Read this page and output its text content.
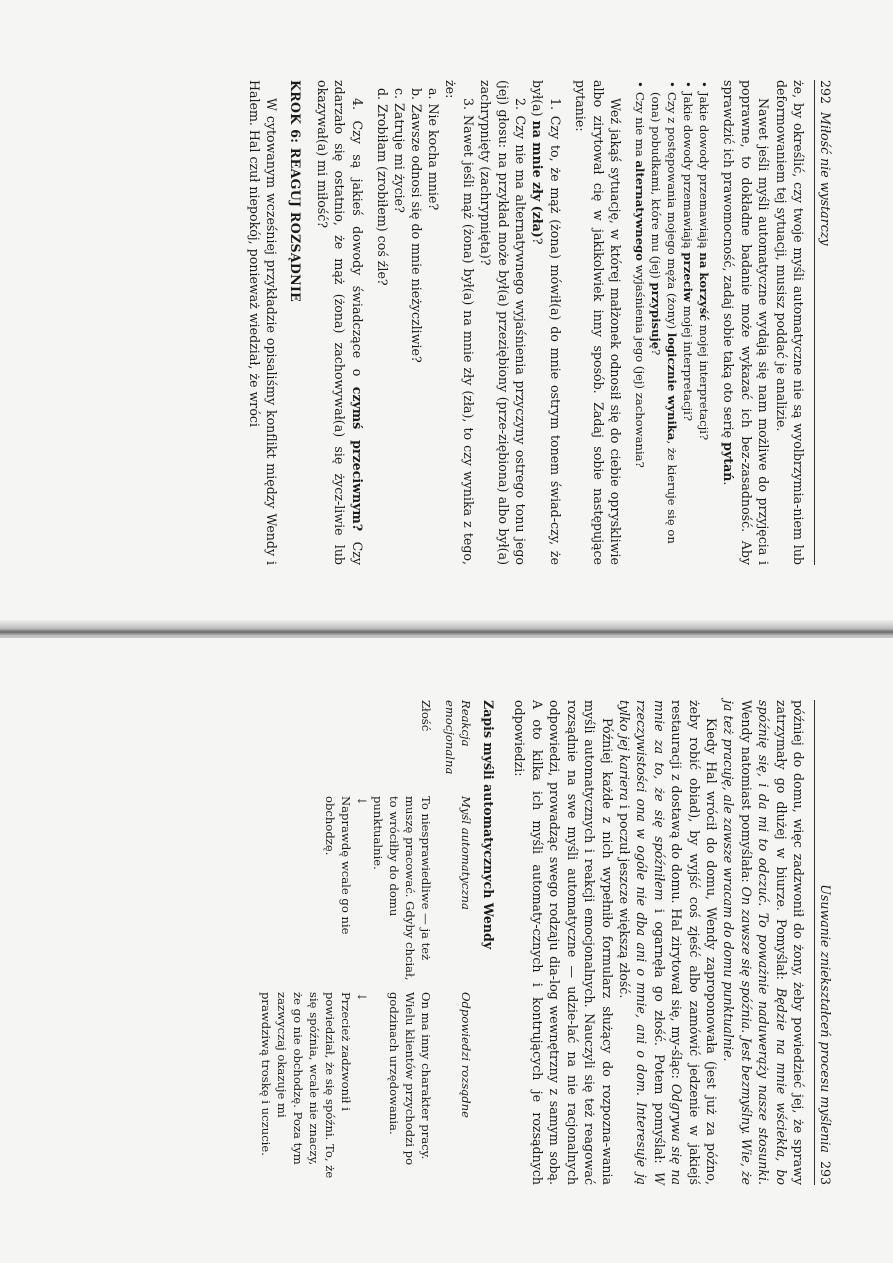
292
Miłość nie wystarczy

że, by określić, czy twoje myśli automatyczne nie są wyolbrzymia-niem lub deformowaniem tej sytuacji, musisz poddać je analizie.

Nawet jeśli myśli automatyczne wydają się nam możliwe do przyjęcia i poprawne, to dokładne badanie może wykazać ich bez-zasadność. Aby sprawdzić ich prawomocność, zadaj sobie taką oto serię pytań.

• Jakie dowody przemawiają na korzyść mojej interpretacji?
• Jakie dowody przemawiają przeciw mojej interpretacji?
• Czy z postępowania mojego męża (żony) logicznie wynika, że kieruje się on (ona) pobudkami, które mu (jej) przypisuję?
• Czy nie ma alternatywnego wyjaśnienia jego (jej) zachowania?

Weź jakąś sytuację, w której małżonek odnosił się do ciebie opryskliwie albo zirytował cię w jakikolwiek inny sposób. Zadaj sobie następujące pytanie:

1. Czy to, że mąż (żona) mówił(a) do mnie ostrym tonem świad-czy, że był(a) na mnie zły (zła)?

2. Czy nie ma alternatywnego wyjaśnienia przyczyny ostrego tonu jego (jej) głosu: na przykład może był(a) przeziębiony (prze-ziębiona) albo był(a) zachrypnięty (zachrypnięta)?

3. Nawet jeśli mąż (żona) był(a) na mnie zły (zła), to czy wynika z tego, że:

a. Nie kocha mnie?
b. Zawsze odnosi się do mnie nieżyczliwie?
c. Zatruje mi życie?
d. Zrobiłam (zrobiłem) coś źle?

4. Czy są jakieś dowody świadczące o czymś przeciwnym? Czy zdarzało się ostatnio, że mąż (żona) zachowywał(a) się życz-liwie lub okazywał(a) mi miłość?

KROK 6: REAGUJ ROZSĄDNIE

W cytowanym wcześniej przykładzie opisaliśmy konflikt między Wendy i Halem. Hal czuł niepokój, ponieważ wiedział, że wróci

293
Usuwanie zniekształceń procesu myślenia

później do domu, więc zadzwonił do żony, żeby powiedzieć jej, że sprawy zatrzymały go dłużej w biurze. Pomyślał: Będzie na mnie wściekła, bo spóźnię się, i da mi to odczuć. To poważnie naduwerąży nasze stosunki. Wendy natomiast pomyślała: On zawsze się spóźnia. Jest bezmyślny. Wie, że ja też pracuję, ale zawsze wracam do domu punktualnie.

Kiedy Hal wrócił do domu, Wendy zaproponowała (jest już za późno, żeby robić obiad), by wyjść coś zjeść albo zamówić jedzenie w jakiejś restauracji z dostawą do domu. Hal zirytował się, my-śląc: Odgrywa się na mnie za to, że się spóźniłem i ogarnęła go złość. Potem pomyślał: W rzeczywistości ona w ogóle nie dba ani o mnie, ani o dom. Interesuje ją tylko jej kariera i poczuł jeszcze większą złość.

Później każde z nich wypełniło formularz służący do rozpozna-wania myśli automatycznych i reakcji emocjonalnych. Nauczyli się też reagować rozsądnie na swe myśli automatyczne — udzie-lać na nie racjonalnych odpowiedzi, prowadząc swego rodzaju dia-log wewnętrzny z samym sobą. A oto kilka ich myśli automaty-cznych i kontrujących je rozsądnych odpowiedzi:

Zapis myśli automatycznych Wendy
Reakcja emocjonalna	Myśl automatyczna	Odpowiedzi rozsądne
Złość	To niesprawiedliwe — ja też muszę pracować. Gdyby chciał, to wróciłby do domu punktualnie.	On ma inny charakter pracy. Wielu klientów przychodzi po godzinach urzędowania.
	↓	↓
	Naprawdę wcale go nie obchodzę.	Przecież zadzwonił i powiedział, że się spóźni. To, że się spóźnia, wcale nie znaczy, że go nie obchodzę. Poza tym zazwyczaj okazuje mi prawdziwą troskę i uczucie.
